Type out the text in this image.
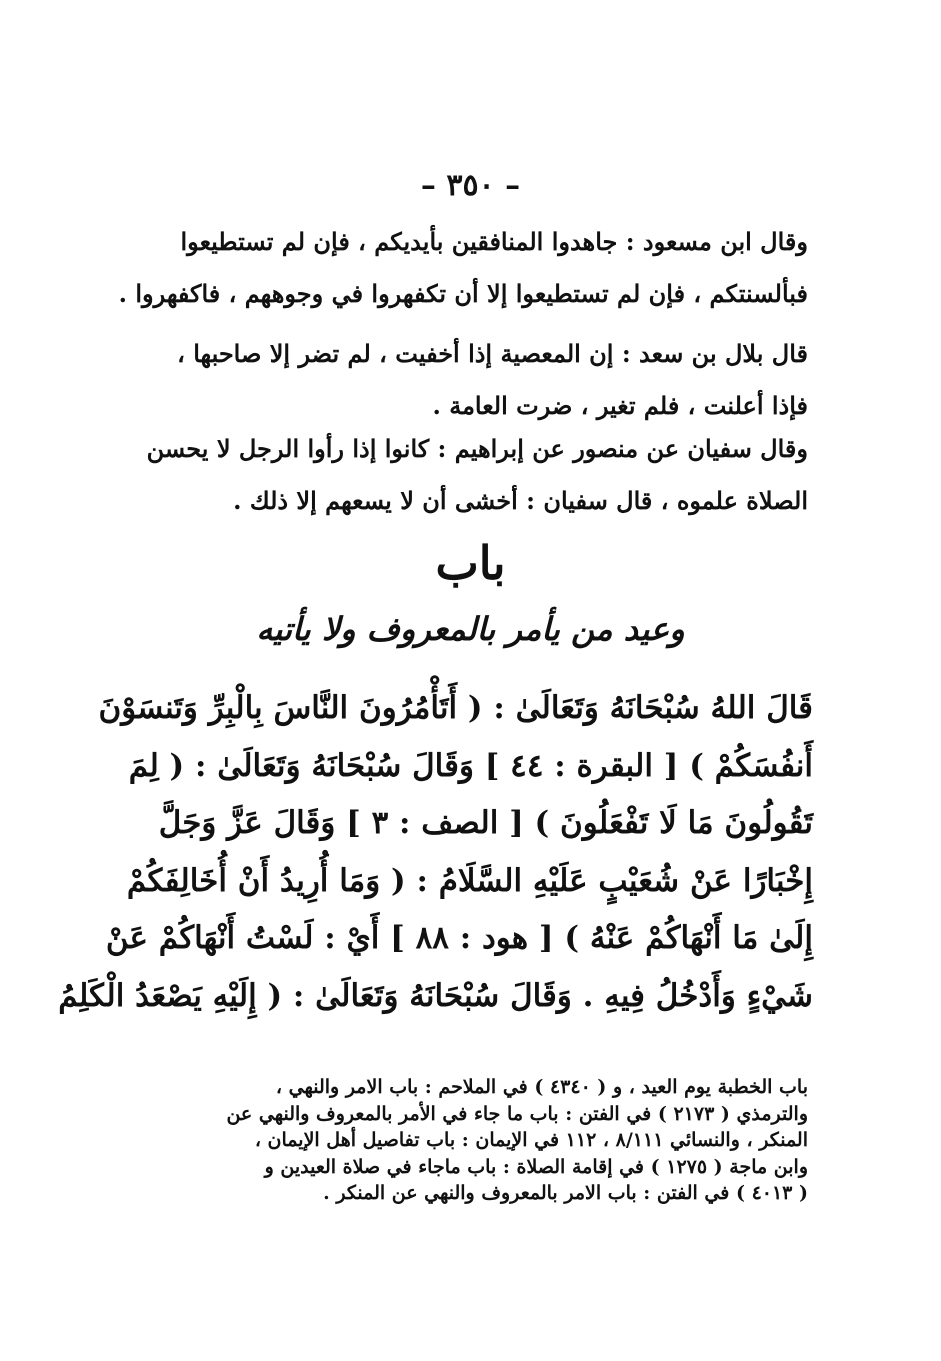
– ٣٥٠ –
وقال ابن مسعود : جاهدوا المنافقين بأيديكم ، فإن لم تستطيعوا
فبألسنتكم ، فإن لم تستطيعوا إلا أن تكفهروا في وجوههم ، فاكفهروا .
قال بلال بن سعد : إن المعصية إذا أخفيت ، لم تضر إلا صاحبها ،
فإذا أعلنت ، فلم تغير ، ضرت العامة .
وقال سفيان عن منصور عن إبراهيم : كانوا إذا رأوا الرجل لا يحسن
الصلاة علموه ، قال سفيان : أخشى أن لا يسعهم إلا ذلك .
باب
وعيد من يأمر بالمعروف ولا يأتيه
قَالَ اللهُ سُبْحَانَهُ وَتَعَالَىٰ : ( أَتَأْمُرُونَ النَّاسَ بِالْبِرِّ وَتَنسَوْنَ
أَنفُسَكُمْ ) [ البقرة : ٤٤ ] وَقَالَ سُبْحَانَهُ وَتَعَالَىٰ : ( لِمَ
تَقُولُونَ مَا لَا تَفْعَلُونَ ) [ الصف : ٣ ] وَقَالَ عَزَّ وَجَلَّ
إِخْبَارًا عَنْ شُعَيْبٍ عَلَيْهِ السَّلَامُ : ( وَمَا أُرِيدُ أَنْ أُخَالِفَكُمْ
إِلَىٰ مَا أَنْهَاكُمْ عَنْهُ ) [ هود : ٨٨ ] أَيْ : لَسْتُ أَنْهَاكُمْ عَنْ
شَيْءٍ وَأَدْخُلُ فِيهِ . وَقَالَ سُبْحَانَهُ وَتَعَالَىٰ : ( إِلَيْهِ يَصْعَدُ الْكَلِمُ
باب الخطبة يوم العيد ، و ( ٤٣٤٠ ) في الملاحم : باب الامر والنهي ،
والترمذي ( ٢١٧٣ ) في الفتن : باب ما جاء في الأمر بالمعروف والنهي عن
المنكر ، والنسائي ٨/١١١ ، ١١٢ في الإيمان : باب تفاصيل أهل الإيمان ،
وابن ماجة ( ١٢٧٥ ) في إقامة الصلاة : باب ماجاء في صلاة العيدين و
( ٤٠١٣ ) في الفتن : باب الامر بالمعروف والنهي عن المنكر .
